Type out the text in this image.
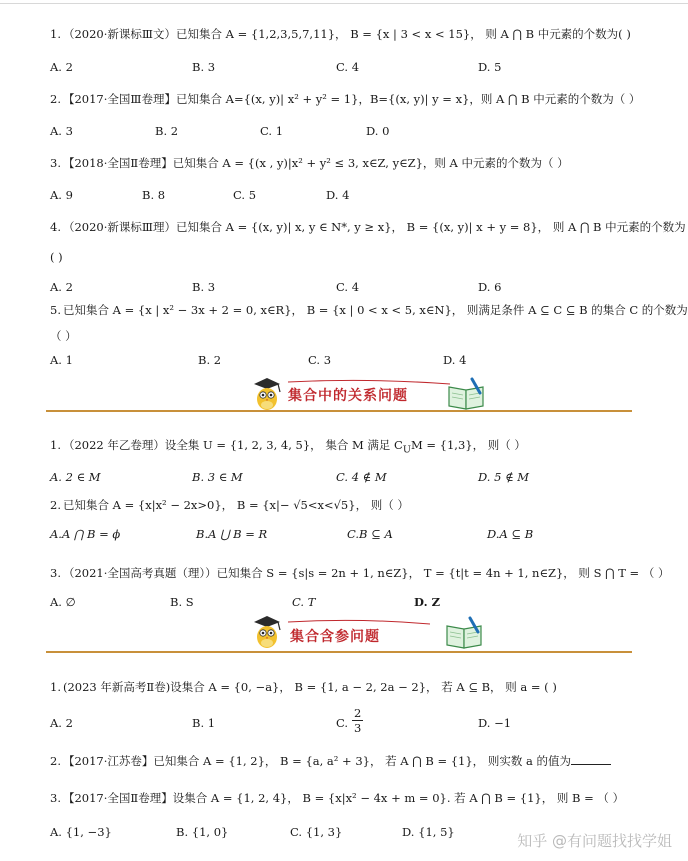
1. （2020·新课标Ⅲ文）已知集合 A = {1,2,3,5,7,11}， B = {x | 3 < x < 15}， 则 A ⋂ B 中元素的个数为( )
A. 2	B. 3	C. 4	D. 5
2. 【2017·全国Ⅲ卷理】已知集合 A={(x, y)| x² + y² = 1}，B={(x, y)| y = x}，则 A ⋂ B 中元素的个数为（ ）
A. 3	B. 2	C. 1	D. 0
3. 【2018·全国Ⅱ卷理】已知集合 A = {(x , y)|x² + y² ≤ 3, x∈Z, y∈Z}，则 A 中元素的个数为（ ）
A. 9	B. 8	C. 5	D. 4
4. （2020·新课标Ⅲ理）已知集合 A = {(x, y)| x, y ∈ N*, y ≥ x}， B = {(x, y)| x + y = 8}， 则 A ⋂ B 中元素的个数为
( )
A. 2	B. 3	C. 4	D. 6
5. 已知集合 A = {x | x² − 3x + 2 = 0, x∈R}， B = {x | 0 < x < 5, x∈N}， 则满足条件 A ⊆ C ⊆ B 的集合 C 的个数为
（ ）
A. 1	B. 2	C. 3	D. 4
集合中的关系问题
1. （2022 年乙卷理）设全集 U = {1, 2, 3, 4, 5}， 集合 M 满足 $C_UM = \{1,3\}$， 则（ ）
A. 2 ∈ M	B. 3 ∈ M	C. 4 ∉ M	D. 5 ∉ M
2. 已知集合 A = {x|x² − 2x>0}， B = {x|− √5<x<√5}， 则（ ）
A.A ⋂ B = ϕ	B.A ⋃ B = R	C.B ⊆ A	D.A ⊆ B
3. （2021·全国高考真题（理））已知集合 S = {s|s = 2n + 1, n∈Z}， T = {t|t = 4n + 1, n∈Z}， 则 S ⋂ T = （ ）
A. ∅	B. S	C. T	D. Z
集合含参问题
1. (2023 年新高考Ⅱ卷)设集合 A = {0, −a}， B = {1, a − 2, 2a − 2}， 若 A ⊆ B， 则 a = ( )
A. 2	B. 1	C. $\frac{2}{3}$	D. −1
2. 【2017·江苏卷】已知集合 A = {1, 2}， B = {a, a² + 3}， 若 A ⋂ B = {1}， 则实数 a 的值为
3. 【2017·全国Ⅱ卷理】设集合 A = {1, 2, 4}， B = {x|x² − 4x + m = 0}. 若 A ⋂ B = {1}， 则 B = （ ）
A. {1, −3}	B. {1, 0}	C. {1, 3}	D. {1, 5}	知乎 @有问题找找学姐
